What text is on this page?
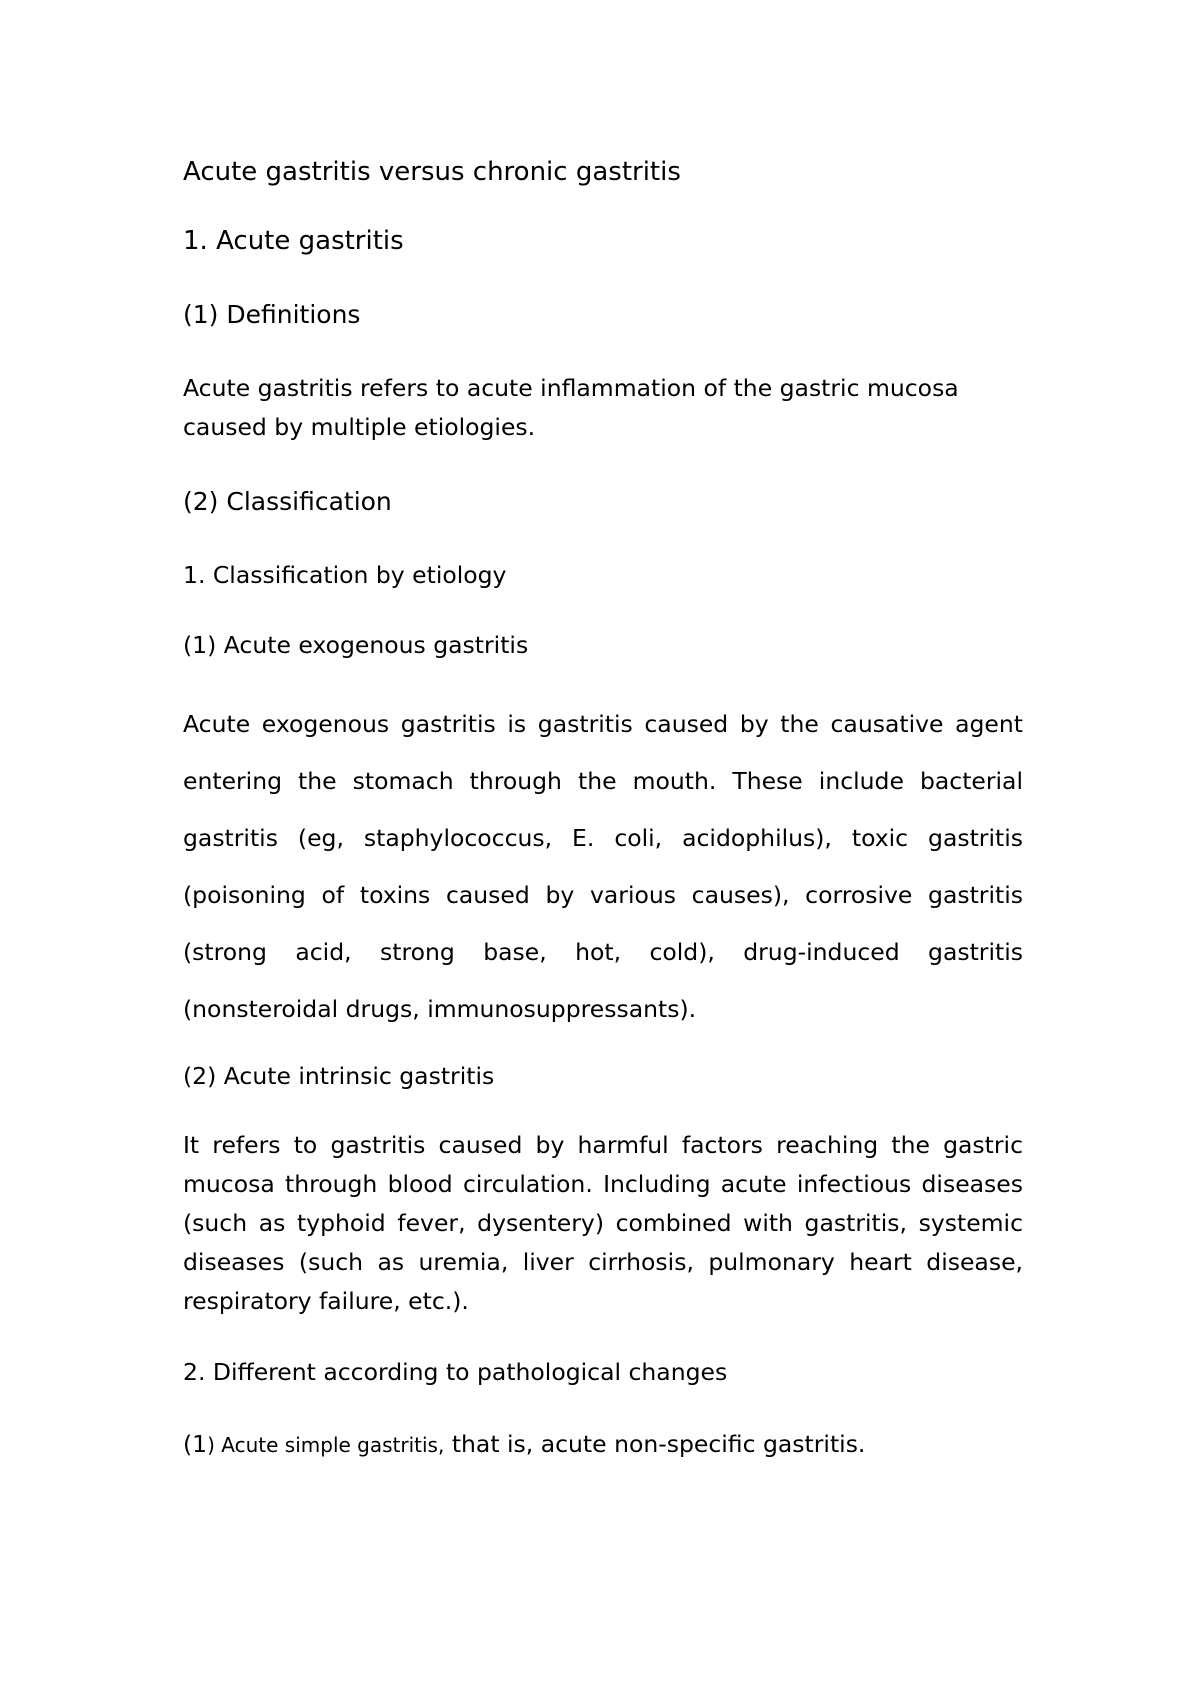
Acute gastritis versus chronic gastritis
1. Acute gastritis
(1) Definitions

Acute gastritis refers to acute inflammation of the gastric mucosa caused by multiple etiologies.

(2) Classification

1. Classification by etiology

(1) Acute exogenous gastritis

Acute exogenous gastritis is gastritis caused by the causative agent entering the stomach through the mouth. These include bacterial gastritis (eg, staphylococcus, E. coli, acidophilus), toxic gastritis (poisoning of toxins caused by various causes), corrosive gastritis (strong acid, strong base, hot, cold), drug-induced gastritis (nonsteroidal drugs, immunosuppressants).

(2) Acute intrinsic gastritis

It refers to gastritis caused by harmful factors reaching the gastric mucosa through blood circulation. Including acute infectious diseases (such as typhoid fever, dysentery) combined with gastritis, systemic diseases (such as uremia, liver cirrhosis, pulmonary heart disease, respiratory failure, etc.).

2. Different according to pathological changes

(1) Acute simple gastritis, that is, acute non-specific gastritis.
